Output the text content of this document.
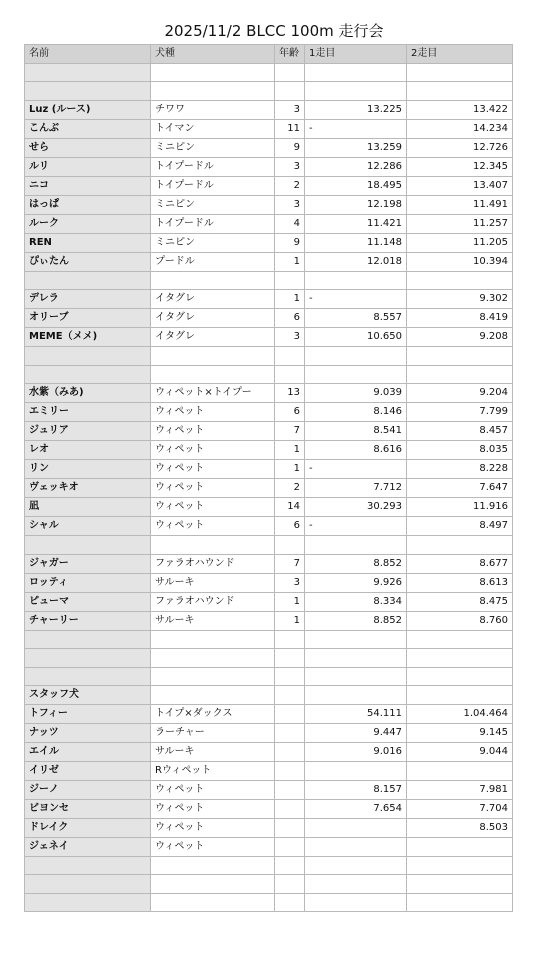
2025/11/2 BLCC 100m 走行会
名前	犬種	年齢	1走目	2走目

Luz (ルース)	チワワ	3	13.225	13.422
こんぶ	トイマン	11	-	14.234
せら	ミニピン	9	13.259	12.726
ルリ	トイプードル	3	12.286	12.345
ニコ	トイプードル	2	18.495	13.407
はっぱ	ミニピン	3	12.198	11.491
ルーク	トイプードル	4	11.421	11.257
REN	ミニピン	9	11.148	11.205
ぴぃたん	プードル	1	12.018	10.394

デレラ	イタグレ	1	-	9.302
オリーブ	イタグレ	6	8.557	8.419
MEME（メメ)	イタグレ	3	10.650	9.208

水紫（みあ)	ウィペット×トイプー	13	9.039	9.204
エミリー	ウィペット	6	8.146	7.799
ジュリア	ウィペット	7	8.541	8.457
レオ	ウィペット	1	8.616	8.035
リン	ウィペット	1	-	8.228
ヴェッキオ	ウィペット	2	7.712	7.647
凪	ウィペット	14	30.293	11.916
シャル	ウィペット	6	-	8.497

ジャガー	ファラオハウンド	7	8.852	8.677
ロッティ	サルーキ	3	9.926	8.613
ピューマ	ファラオハウンド	1	8.334	8.475
チャーリー	サルーキ	1	8.852	8.760

スタッフ犬				
トフィー	トイプ×ダックス		54.111	1.04.464
ナッツ	ラーチャー		9.447	9.145
エイル	サルーキ		9.016	9.044
イリゼ	Rウィペット			
ジーノ	ウィペット		8.157	7.981
ビヨンセ	ウィペット		7.654	7.704
ドレイク	ウィペット			8.503
ジェネイ	ウィペット			
